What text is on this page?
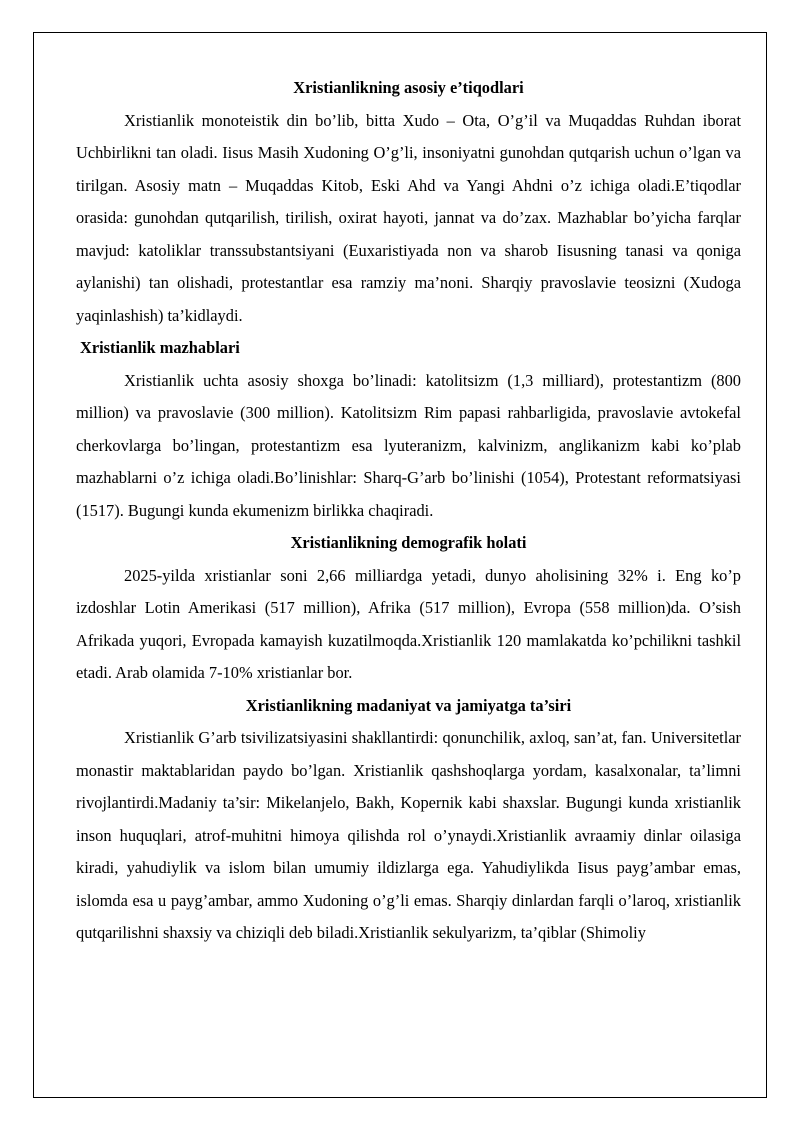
Xristianlikning asosiy e’tiqodlari

Xristianlik monoteistik din bo’lib, bitta Xudo – Ota, O’g’il va Muqaddas Ruhdan iborat Uchbirlikni tan oladi. Iisus Masih Xudoning O’g’li, insoniyatni gunohdan qutqarish uchun o’lgan va tirilgan. Asosiy matn – Muqaddas Kitob, Eski Ahd va Yangi Ahdni o’z ichiga oladi.E’tiqodlar orasida: gunohdan qutqarilish, tirilish, oxirat hayoti, jannat va do’zax. Mazhablar bo’yicha farqlar mavjud: katoliklar transsubstantsiyani (Euxaristiyada non va sharob Iisusning tanasi va qoniga aylanishi) tan olishadi, protestantlar esa ramziy ma’noni. Sharqiy pravoslavie teosizni (Xudoga yaqinlashish) ta’kidlaydi.

Xristianlik mazhablari

Xristianlik uchta asosiy shoxga bo’linadi: katolitsizm (1,3 milliard), protestantizm (800 million) va pravoslavie (300 million). Katolitsizm Rim papasi rahbarligida, pravoslavie avtokefal cherkovlarga bo’lingan, protestantizm esa lyuteranizm, kalvinizm, anglikanizm kabi ko’plab mazhablarni o’z ichiga oladi.Bo’linishlar: Sharq-G’arb bo’linishi (1054), Protestant reformatsiyasi (1517). Bugungi kunda ekumenizm birlikka chaqiradi.

Xristianlikning demografik holati

2025-yilda xristianlar soni 2,66 milliardga yetadi, dunyo aholisining 32% i. Eng ko’p izdoshlar Lotin Amerikasi (517 million), Afrika (517 million), Evropa (558 million)da. O’sish Afrikada yuqori, Evropada kamayish kuzatilmoqda.Xristianlik 120 mamlakatda ko’pchilikni tashkil etadi. Arab olamida 7-10% xristianlar bor.

Xristianlikning madaniyat va jamiyatga ta’siri

Xristianlik G’arb tsivilizatsiyasini shakllantirdi: qonunchilik, axloq, san’at, fan. Universitetlar monastir maktablaridan paydo bo’lgan. Xristianlik qashshoqlarga yordam, kasalxonalar, ta’limni rivojlantirdi.Madaniy ta’sir: Mikelanjelo, Bakh, Kopernik kabi shaxslar. Bugungi kunda xristianlik inson huquqlari, atrof-muhitni himoya qilishda rol o’ynaydi.Xristianlik avraamiy dinlar oilasiga kiradi, yahudiylik va islom bilan umumiy ildizlarga ega. Yahudiylikda Iisus payg’ambar emas, islomda esa u payg’ambar, ammo Xudoning o’g’li emas. Sharqiy dinlardan farqli o’laroq, xristianlik qutqarilishni shaxsiy va chiziqli deb biladi.Xristianlik sekulyarizm, ta’qiblar (Shimoliy
